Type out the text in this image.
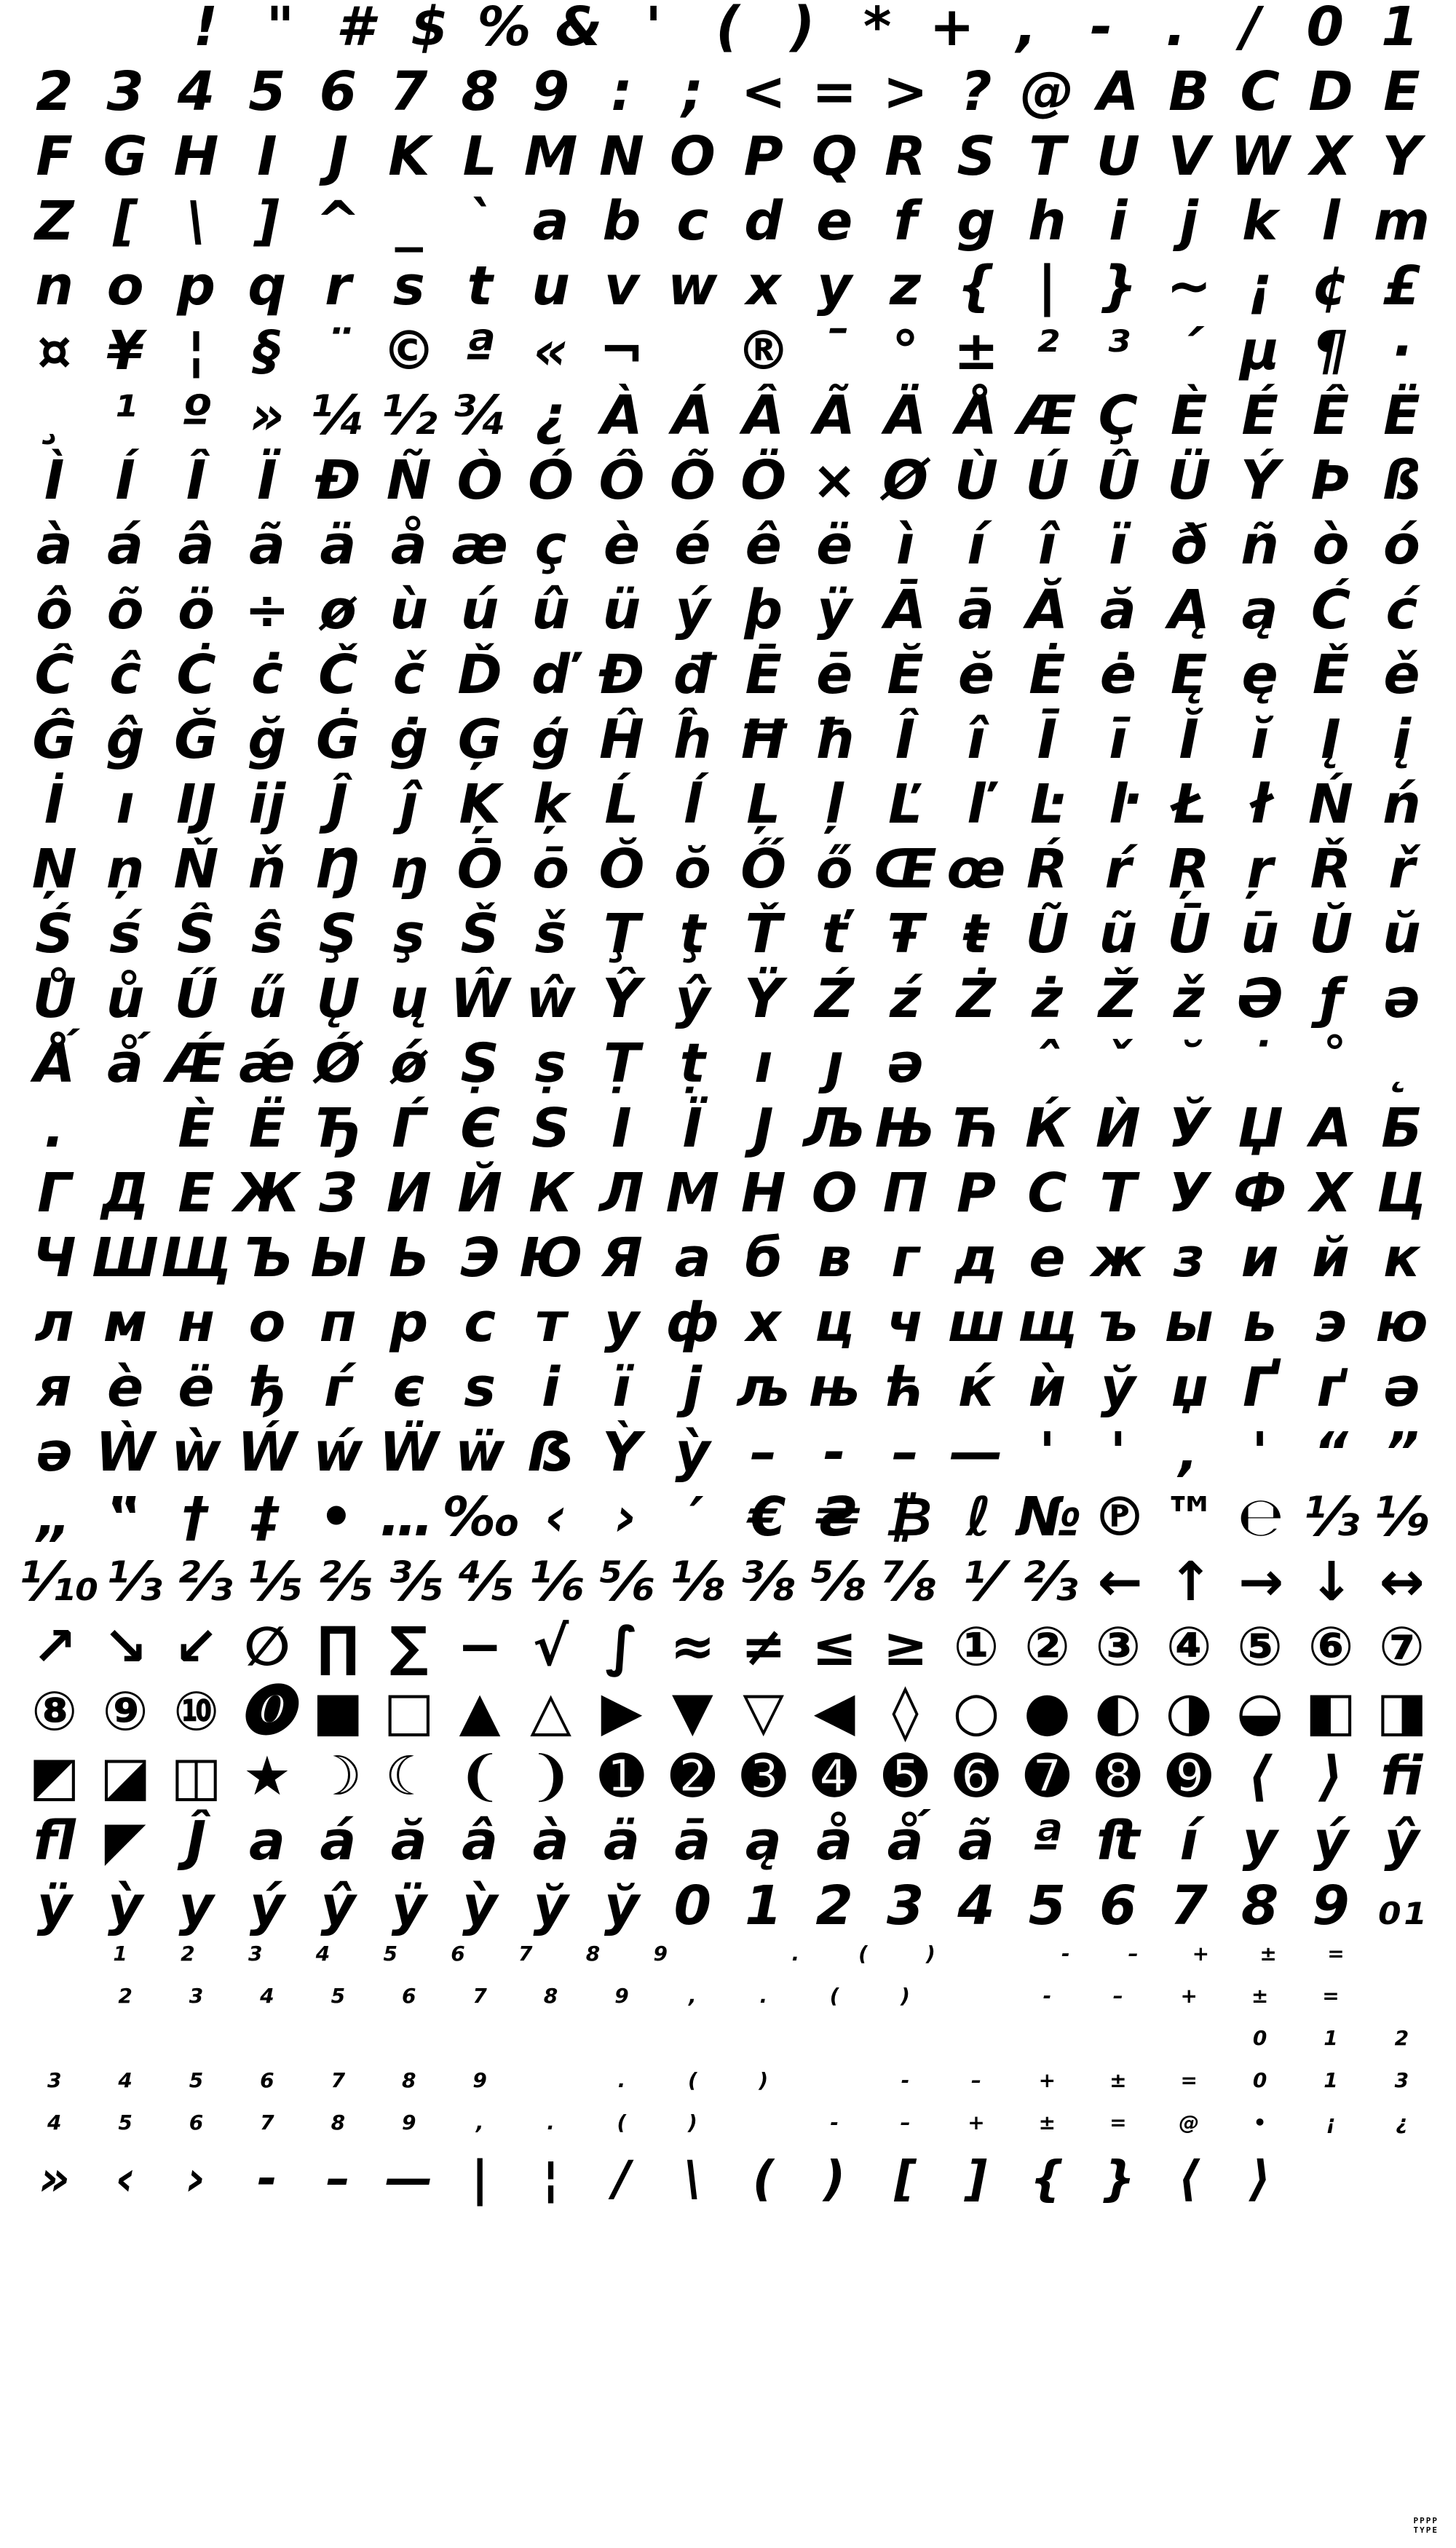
! " # $ % & '	( ) * + , - .	/ 0 1
2 3 4 5 6 7 8 9 : ; < = > ? @ A B C D E
F G H I J K L M N O P Q R S T U V W X Y
Z [ \ ] ^ _ ` a b c d e f g h i j k l m
n o p q r s t u v w x y z { | } ~ ¡ ¢ £
¤ ¥ ¦ § ¨ © ª « ¬ ® ¯ ° ± ² ³ ´ µ ¶ ·
¸ ¹ º » ¼ ½ ¾ ¿ À Á Â Ã Ä Å Æ Ç È É Ê Ë
Ì Í Î Ï Ð Ñ Ò Ó Ô Õ Ö × Ø Ù Ú Û Ü Ý Þ ß
à á â ã ä å æ ç è é ê ë ì í î ï ð ñ ò ó
ô õ ö ÷ ø ù ú û ü ý þ ÿ Ā ā Ă ă Ą ą Ć ć
Ĉ ĉ Ċ ċ Č č Ď ď Đ đ Ē ē Ĕ ĕ Ė ė Ę ę Ě ě
Ĝ ĝ Ğ ğ Ġ ġ Ģ ģ Ĥ ĥ Ħ ħ Î î Ī ī Ĭ ĭ Į į
İ ı Ĳ ĳ Ĵ ĵ Ķ ķ Ĺ ĺ Ļ ļ Ľ ľ Ŀ ŀ Ł ł Ń ń
Ņ ņ Ň ň Ŋ ŋ Ō ō Ŏ ŏ Ő ő Œ œ Ŕ ŕ Ŗ ŗ Ř ř
Ś ś Ŝ ŝ Ş ş Š š Ţ ţ Ť ť Ŧ ŧ Ũ ũ Ū ū Ŭ ŭ
Ů ů Ű ű Ų ų Ŵ ŵ Ŷ ŷ Ÿ Ź ź Ż ż Ž ž Ə ƒ ə
Ǻ ǻ Ǽ ǽ Ǿ ǿ Ṣ ṣ Ṭ ṭ ı ȷ ə	ˆ ˇ ˘ ˙ ˚ ˛
.	È Ë Ђ Ѓ Є Ѕ І Ї Ј Љ Њ Ћ Ќ Ѝ Ў Џ А Б
Г Д Е Ж З И Й К Л М Н О П Р С Т У Ф Х Ц
Ч Ш Щ Ъ Ы Ь Э Ю Я а б в г д е ж з и й к
л м н о п р с т у ф х ц ч ш щ ъ ы ь э ю
я ѐ ё ђ ѓ є ѕ і ї ј љ њ ћ ќ ѝ ў џ Ґ ґ ә
ә Ẁ ẁ Ẃ ẃ Ẅ ẅ ẞ Ỳ ỳ – ‐ – — '	' ‚ ' “ ”
„ ‟ † ‡ • … ‰ ‹ › ′ € ₴ ₿ ℓ № ℗ ™ ℮ ⅓ ⅑
⅒ ⅓ ⅔ ⅕ ⅖ ⅗ ⅘ ⅙ ⅚ ⅛ ⅜ ⅝ ⅞ ⅟ ⅔ ← ↑ → ↓ ↔
↗ ↘ ↙ ∅ ∏ ∑ − √ ∫ ≈ ≠ ≤ ≥ ① ② ③ ④ ⑤ ⑥ ⑦
⑧ ⑨ ⑩ ⓿ ■ □ ▲ △ ▶ ▼ ▽ ◀ ◊ ○ ● ◐ ◑ ◒ ◧ ◨
◩ ◪ ◫ ★ ☽ ☾ ❨ ❩ ➊ ➋ ➌ ➍ ➎ ➏ ➐ ➑ ➒ ⟨ ⟩ ﬁ
ﬂ ◤ Ĵ a á ă â à ä ā ą å ǻ ã ª ﬅ í y ý ŷ
ÿ ỳ y ý ŷ ÿ ỳ ў ў 0 1 2 3 4 5 6 7 8 9 ₀₁
1	2	3	4	5	6	7	8	9	.	(	)	-	–	+	±	=
2	3	4	5	6	7	8	9	,	.	(	)	-	–	+	±	=
0	1	2
3	4	5	6	7	8	9	.	(	)	-	–	+	±	=	0	1	3
4	5	6	7	8	9	,	.	(	)	-	–	+	±	=	@	•	¡	¿
» ‹	›	-	– — |	¦	/	\	(	)	[	] { } ⟨	⟩
PPPP
TYPE
